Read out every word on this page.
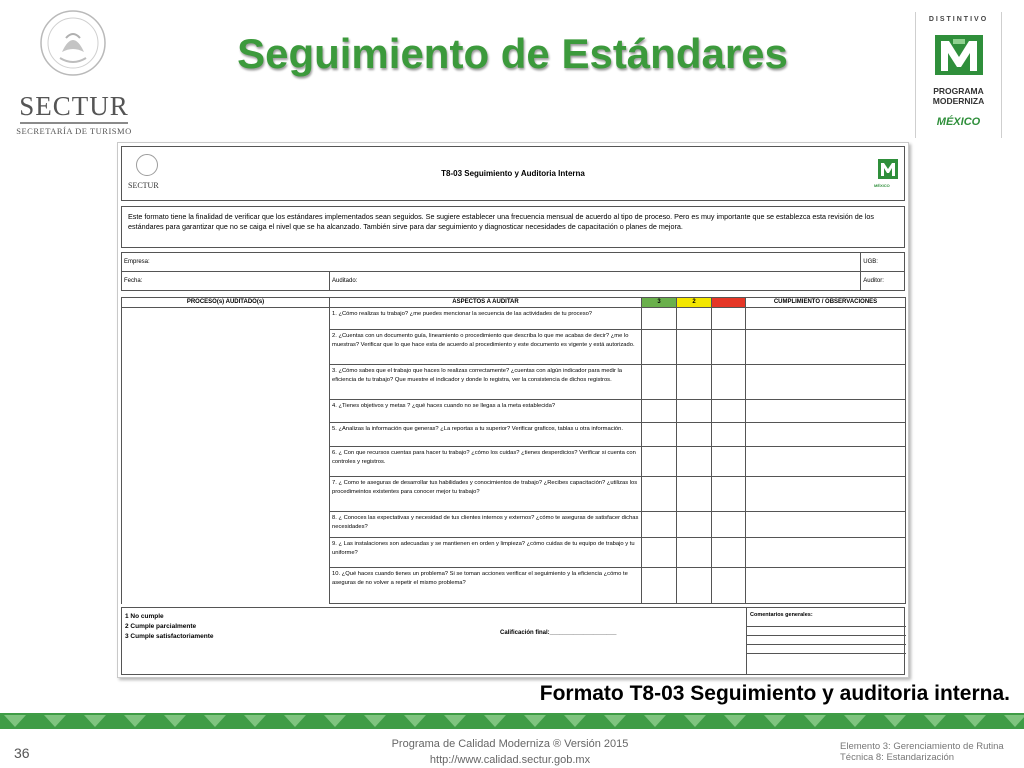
SECTUR
SECRETARÍA DE TURISMO
Seguimiento de Estándares
DISTINTIVO
PROGRAMA
MODERNIZA
MÉXICO
SECTUR
T8-03 Seguimiento y Auditoria Interna
MÉXICO
Este formato tiene la finalidad de verificar que los estándares implementados sean seguidos. Se sugiere establecer una frecuencia mensual de acuerdo al tipo de proceso. Pero es muy importante que se establezca esta revisión de los estándares para garantizar que no se caiga el nivel que se ha alcanzado. También sirve para dar seguimiento y diagnosticar necesidades de capacitación o planes de mejora.
Empresa:		UGB:
Fecha:	Auditado:	Auditor:
PROCESO(s) AUDITADO(s)	ASPECTOS A AUDITAR	3	2	1	CUMPLIMIENTO / OBSERVACIONES
	1. ¿Cómo realizas tu trabajo? ¿me puedes mencionar la secuencia de las actividades de tu proceso?				
	2. ¿Cuentas con un documento guía, lineamiento o procedimiento que describa lo que me acabas de decir? ¿me lo muestras? Verificar que lo que hace esta de acuerdo al procedimiento y este documento es vigente y está autorizado.				
	3. ¿Cómo sabes que el trabajo que haces lo realizas correctamente? ¿cuentas con algún indicador para medir la eficiencia de tu trabajo? Que muestre el indicador y donde lo registra, ver la consistencia de dichos registros.				
	4. ¿Tienes objetivos y metas ? ¿qué haces cuando no se llegas a la meta establecida?				
	5. ¿Analizas la información que generas? ¿La reportas a tu superior? Verificar graficos, tablas u otra información.				
	6. ¿ Con que recursos cuentas para hacer tu trabajo? ¿cómo los cuidas? ¿tienes desperdicios? Verificar si cuenta con controles y registros.				
	7. ¿ Como te aseguras de desarrollar tus habilidades y conocimientos de trabajo? ¿Recibes capacitación? ¿utilizas los procedimeintos existentes para conocer mejor tu trabajo?				
	8. ¿ Conoces las expectativas y necesidad de tus clientes internos y externos? ¿cómo te aseguras de satisfacer dichas necesidades?				
	9. ¿ Las instalaciones son adecuadas y se mantienen en orden y limpieza? ¿cómo cuidas de tu equipo de trabajo y tu uniforme?				
	10. ¿Qué haces cuando tienes un problema? Si se toman acciones verificar el seguimiento y la eficiencia ¿cómo te aseguras de no volver a repetir el mismo problema?				
1 No cumple
2 Cumple parcialmente
3 Cumple satisfactoriamente	Calificación final:____________________
Comentarios generales:
Formato T8-03 Seguimiento y auditoria interna.
36
Programa de Calidad Moderniza ® Versión 2015
http://www.calidad.sectur.gob.mx
Elemento 3: Gerenciamiento de Rutina
Técnica 8: Estandarización
